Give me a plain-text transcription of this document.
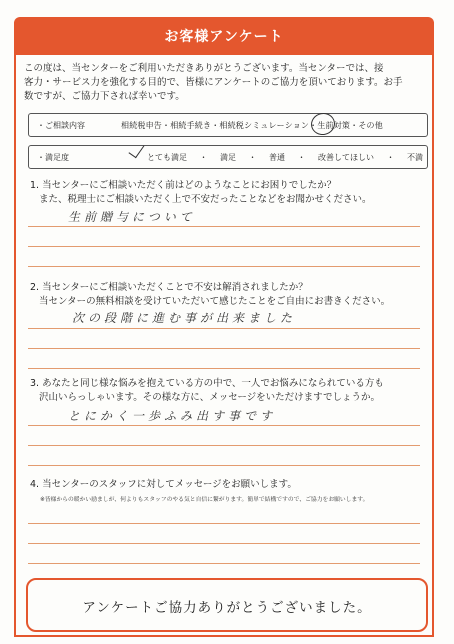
お客様アンケート
この度は、当センターをご利用いただきありがとうございます。当センターでは、接
客力・サービス力を強化する目的で、皆様にアンケートのご協力を頂いております。お手
数ですが、ご協力下されば幸いです。
・ご相談内容	相続税申告・相続手続き・相続税シミュレーション・生前対策・その他
・満足度	とても満足 ・ 満足 ・ 普通 ・ 改善してほしい ・ 不満
1. 当センターにご相談いただく前はどのようなことにお困りでしたか？
また、税理士にご相談いただく上で不安だったことなどをお聞かせください。
生前贈与について
2. 当センターにご相談いただくことで不安は解消されましたか？
当センターの無料相談を受けていただいて感じたことをご自由にお書きください。
次の段階に進む事が出来ました
3. あなたと同じ様な悩みを抱えている方の中で、一人でお悩みになられている方も
沢山いらっしゃいます。その様な方に、メッセージをいただけますでしょうか。
とにかく一歩ふみ出す事です
4. 当センターのスタッフに対してメッセージをお願いします。
※皆様からの暖かい励ましが、何よりもスタッフのやる気と自信に繋がります。簡単で結構ですので、ご協力をお願いします。
アンケートご協力ありがとうございました。
